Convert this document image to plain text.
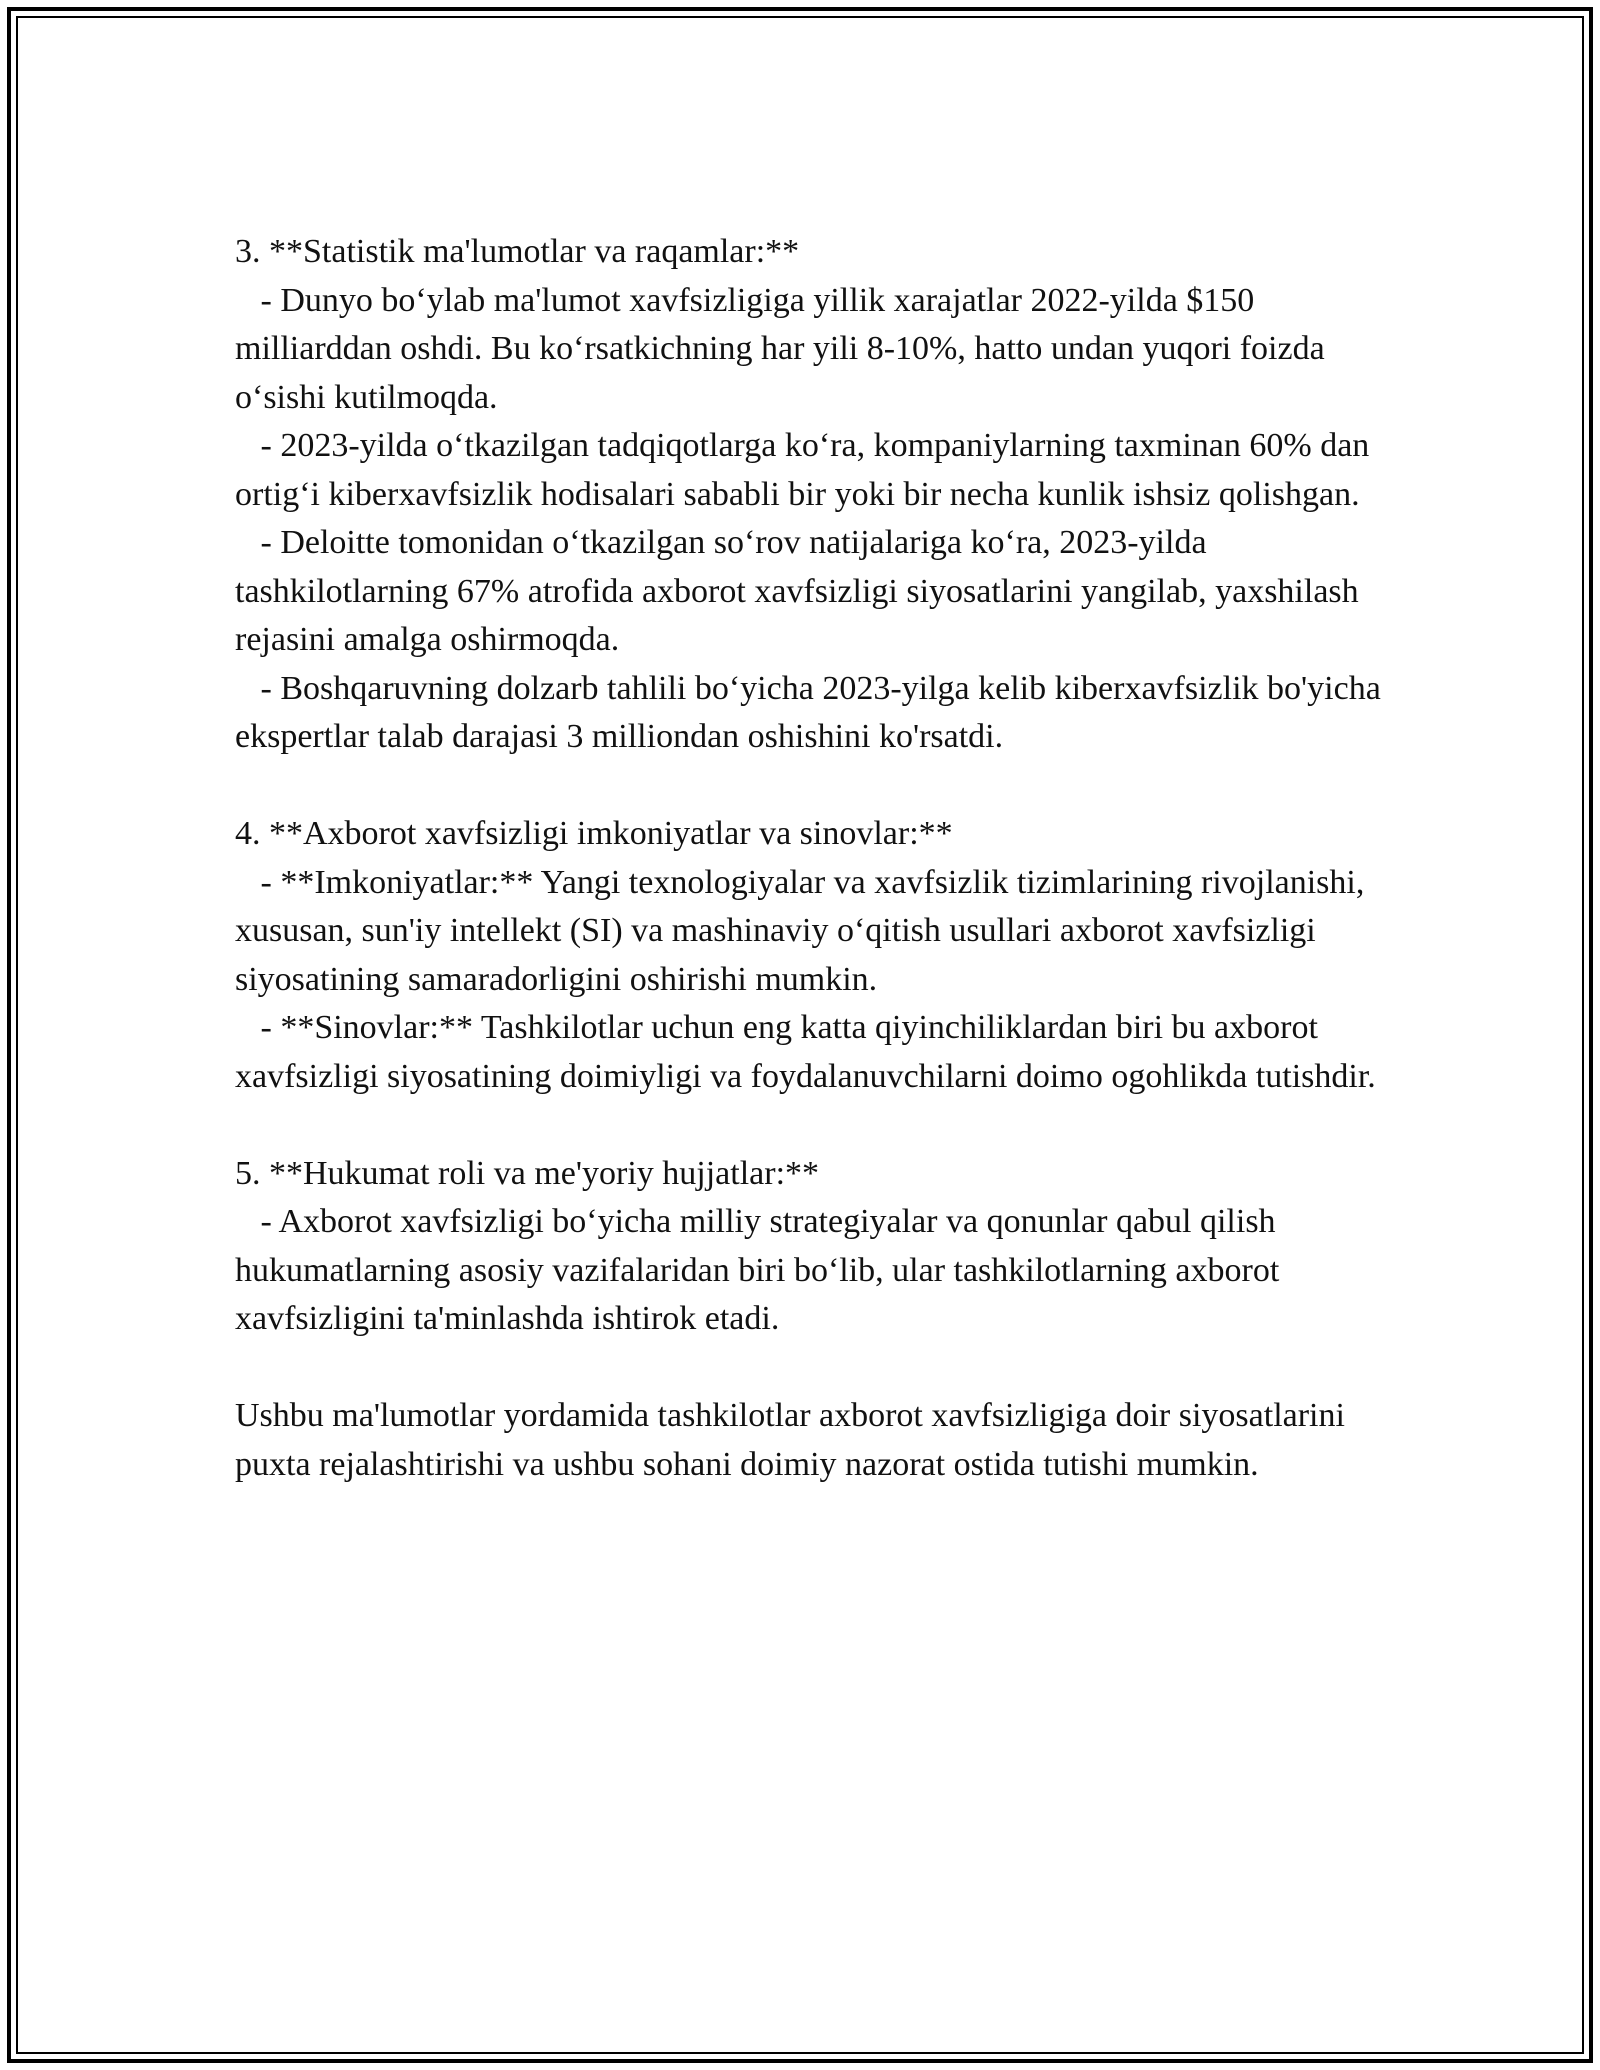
3. **Statistik ma'lumotlar va raqamlar:**

- Dunyo bo‘ylab ma'lumot xavfsizligiga yillik xarajatlar 2022-yilda $150 milliarddan oshdi. Bu ko‘rsatkichning har yili 8-10%, hatto undan yuqori foizda o‘sishi kutilmoqda.

- 2023-yilda o‘tkazilgan tadqiqotlarga ko‘ra, kompaniylarning taxminan 60% dan ortig‘i kiberxavfsizlik hodisalari sababli bir yoki bir necha kunlik ishsiz qolishgan.

- Deloitte tomonidan o‘tkazilgan so‘rov natijalariga ko‘ra, 2023-yilda tashkilotlarning 67% atrofida axborot xavfsizligi siyosatlarini yangilab, yaxshilash rejasini amalga oshirmoqda.

- Boshqaruvning dolzarb tahlili bo‘yicha 2023-yilga kelib kiberxavfsizlik bo'yicha ekspertlar talab darajasi 3 milliondan oshishini ko'rsatdi.

4. **Axborot xavfsizligi imkoniyatlar va sinovlar:**

- **Imkoniyatlar:** Yangi texnologiyalar va xavfsizlik tizimlarining rivojlanishi, xususan, sun'iy intellekt (SI) va mashinaviy o‘qitish usullari axborot xavfsizligi siyosatining samaradorligini oshirishi mumkin.

- **Sinovlar:** Tashkilotlar uchun eng katta qiyinchiliklardan biri bu axborot xavfsizligi siyosatining doimiyligi va foydalanuvchilarni doimo ogohlikda tutishdir.

5. **Hukumat roli va me'yoriy hujjatlar:**

- Axborot xavfsizligi bo‘yicha milliy strategiyalar va qonunlar qabul qilish hukumatlarning asosiy vazifalaridan biri bo‘lib, ular tashkilotlarning axborot xavfsizligini ta'minlashda ishtirok etadi.

Ushbu ma'lumotlar yordamida tashkilotlar axborot xavfsizligiga doir siyosatlarini puxta rejalashtirishi va ushbu sohani doimiy nazorat ostida tutishi mumkin.
